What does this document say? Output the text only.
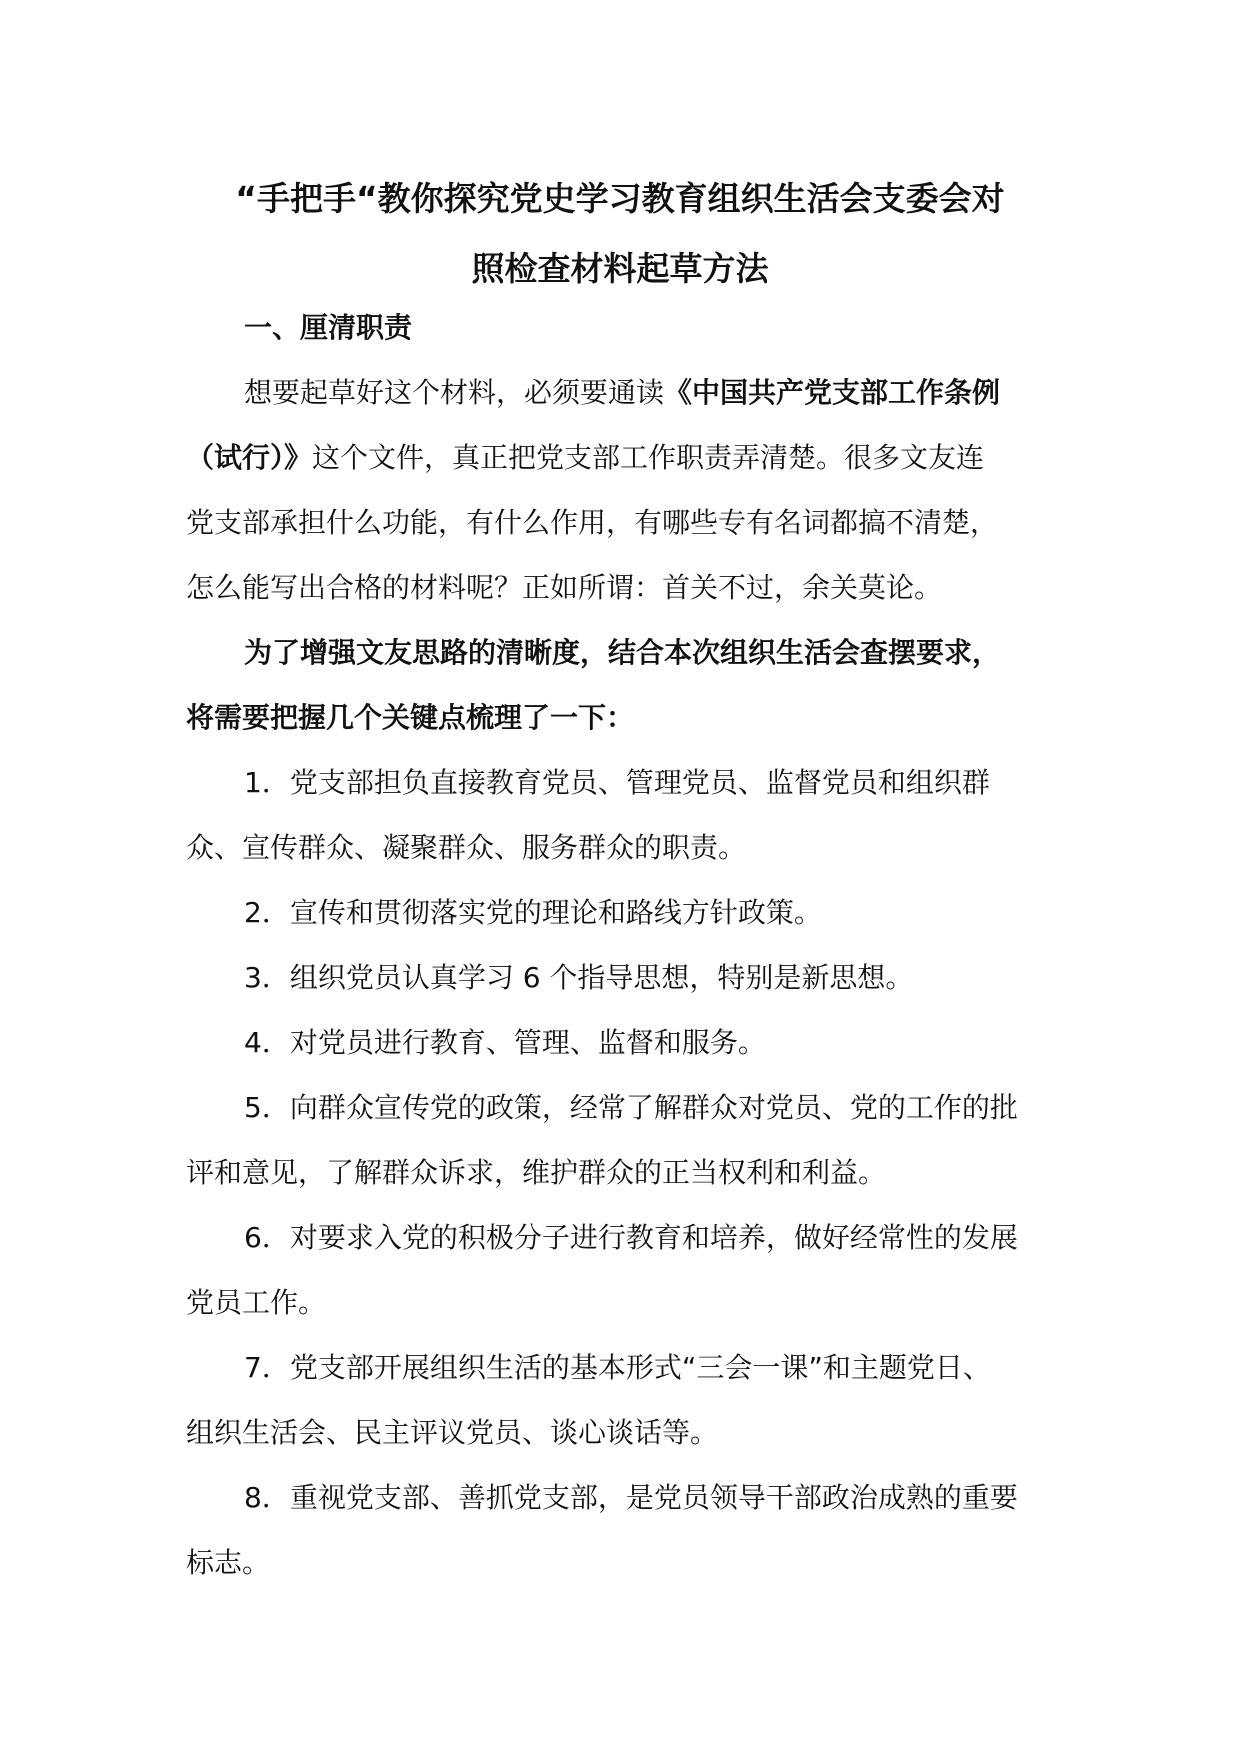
“手把手“教你探究党史学习教育组织生活会支委会对
照检查材料起草方法

一、厘清职责

想要起草好这个材料，必须要通读《中国共产党支部工作条例

（试行）》这个文件，真正把党支部工作职责弄清楚。很多文友连

党支部承担什么功能，有什么作用，有哪些专有名词都搞不清楚，

怎么能写出合格的材料呢？正如所谓：首关不过，余关莫论。

为了增强文友思路的清晰度，结合本次组织生活会查摆要求，

将需要把握几个关键点梳理了一下：

1．党支部担负直接教育党员、管理党员、监督党员和组织群

众、宣传群众、凝聚群众、服务群众的职责。

2．宣传和贯彻落实党的理论和路线方针政策。

3．组织党员认真学习 6 个指导思想，特别是新思想。

4．对党员进行教育、管理、监督和服务。

5．向群众宣传党的政策，经常了解群众对党员、党的工作的批

评和意见，了解群众诉求，维护群众的正当权利和利益。

6．对要求入党的积极分子进行教育和培养，做好经常性的发展

党员工作。

7．党支部开展组织生活的基本形式“三会一课”和主题党日、

组织生活会、民主评议党员、谈心谈话等。

8．重视党支部、善抓党支部，是党员领导干部政治成熟的重要

标志。
